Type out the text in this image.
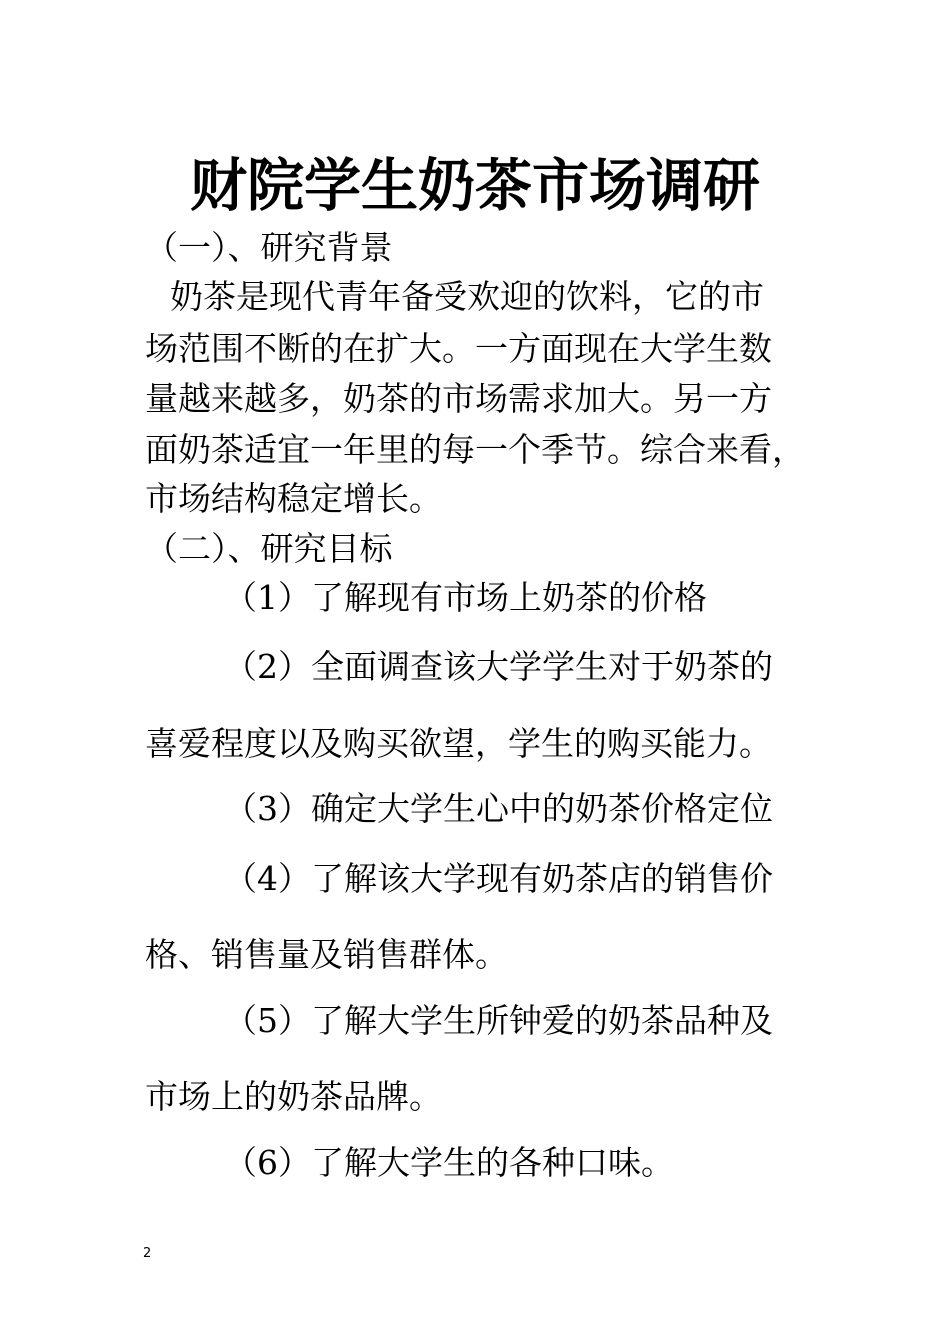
财院学生奶茶市场调研
（一）、研究背景
奶茶是现代青年备受欢迎的饮料，它的市
场范围不断的在扩大。一方面现在大学生数
量越来越多，奶茶的市场需求加大。另一方
面奶茶适宜一年里的每一个季节。综合来看，
市场结构稳定增长。
（二）、研究目标
（1）了解现有市场上奶茶的价格
（2）全面调查该大学学生对于奶茶的
喜爱程度以及购买欲望，学生的购买能力。
（3）确定大学生心中的奶茶价格定位
（4）了解该大学现有奶茶店的销售价
格、销售量及销售群体。
（5）了解大学生所钟爱的奶茶品种及
市场上的奶茶品牌。
（6）了解大学生的各种口味。
2
